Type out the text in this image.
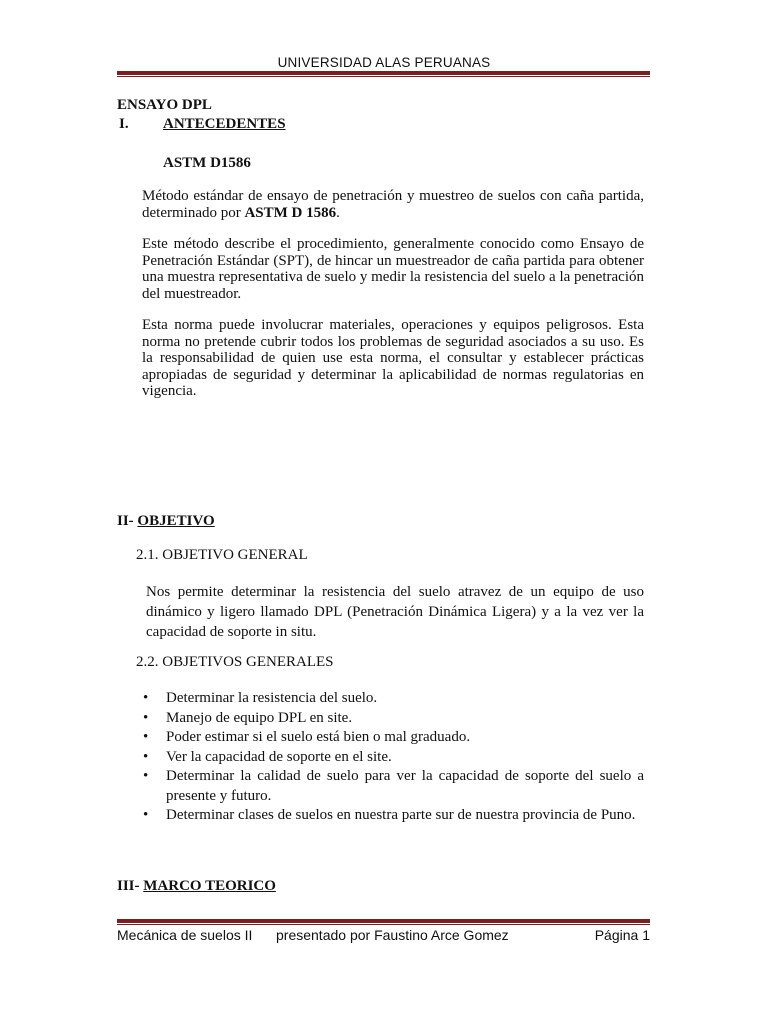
UNIVERSIDAD ALAS PERUANAS
ENSAYO DPL
I. ANTECEDENTES
ASTM D1586
Método estándar de ensayo de penetración y muestreo de suelos con caña partida, determinado por ASTM D 1586.
Este método describe el procedimiento, generalmente conocido como Ensayo de Penetración Estándar (SPT), de hincar un muestreador de caña partida para obtener una muestra representativa de suelo y medir la resistencia del suelo a la penetración del muestreador.
Esta norma puede involucrar materiales, operaciones y equipos peligrosos. Esta norma no pretende cubrir todos los problemas de seguridad asociados a su uso. Es la responsabilidad de quien use esta norma, el consultar y establecer prácticas apropiadas de seguridad y determinar la aplicabilidad de normas regulatorias en vigencia.
II- OBJETIVO
2.1. OBJETIVO GENERAL
Nos permite determinar la resistencia del suelo atravez de un equipo de uso dinámico y ligero llamado DPL (Penetración Dinámica Ligera) y a la vez ver la capacidad de soporte in situ.
2.2. OBJETIVOS GENERALES
• Determinar la resistencia del suelo.
• Manejo de equipo DPL en site.
• Poder estimar si el suelo está bien o mal graduado.
• Ver la capacidad de soporte en el site.
• Determinar la calidad de suelo para ver la capacidad de soporte del suelo a presente y futuro.
• Determinar clases de suelos en nuestra parte sur de nuestra provincia de Puno.
III- MARCO TEORICO
Mecánica de suelos II presentado por Faustino Arce Gomez	Página 1
